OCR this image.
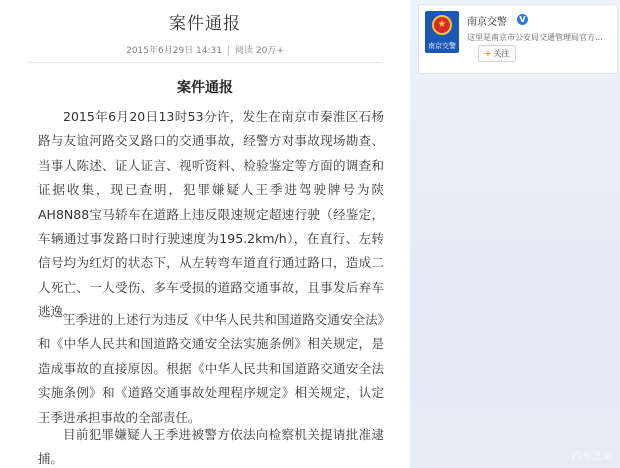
案件通报
2015年6月29日 14:31 | 阅读 20万+
案件通报

2015年6月20日13时53分许，发生在南京市秦淮区石杨路与友谊河路交叉路口的交通事故，经警方对事故现场勘查、当事人陈述、证人证言、视听资料、检验鉴定等方面的调查和证据收集，现已查明，犯罪嫌疑人王季进驾驶牌号为陕AH8N88宝马轿车在道路上违反限速规定超速行驶（经鉴定，车辆通过事发路口时行驶速度为195.2km/h），在直行、左转信号均为红灯的状态下，从左转弯车道直行通过路口，造成二人死亡、一人受伤、多车受损的道路交通事故，且事发后弃车逃逸。

王季进的上述行为违反《中华人民共和国道路交通安全法》和《中华人民共和国道路交通安全法实施条例》相关规定，是造成事故的直接原因。根据《中华人民共和国道路交通安全法实施条例》和《道路交通事故处理程序规定》相关规定，认定王季进承担事故的全部责任。

目前犯罪嫌疑人王季进被警方依法向检察机关提请批准逮捕。

★
南京交警
南京交警 V
这里是南京市公安局交通管理局官方...
+ 关注
汽车之家
